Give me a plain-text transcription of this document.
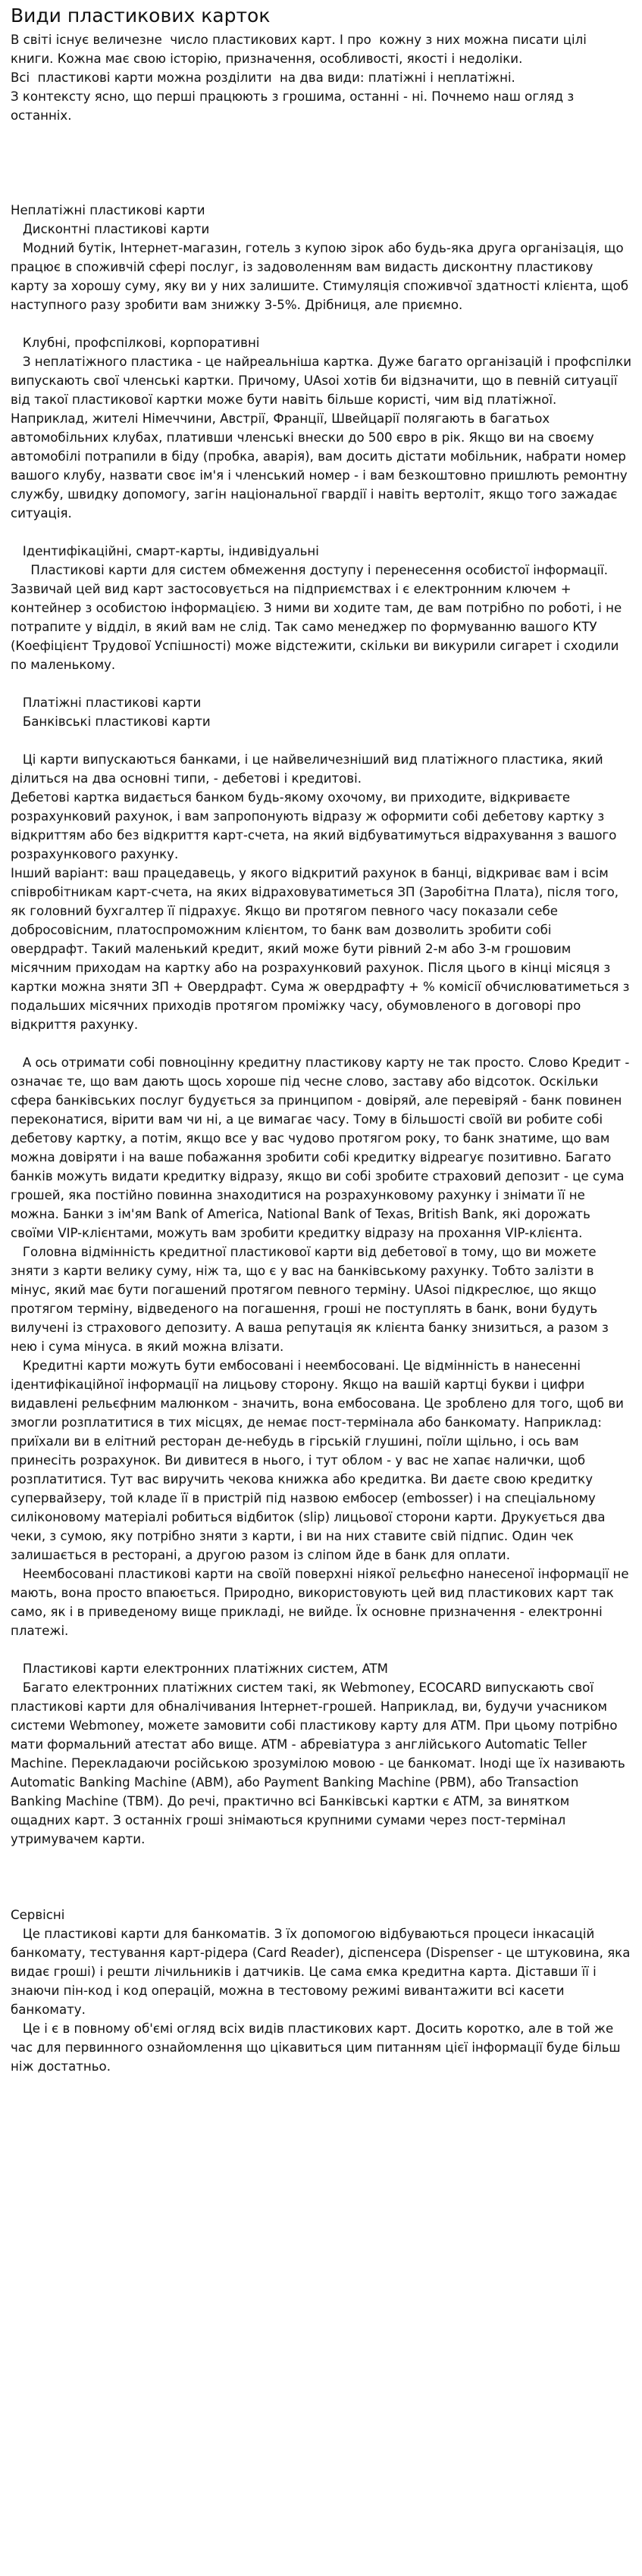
Види пластикових карток

В світі існує величезне  число пластикових карт. І про  кожну з них можна писати цілі книги. Кожна має свою історію, призначення, особливості, якості і недоліки.

Всі  пластикові карти можна розділити  на два види: платіжні і неплатіжні.

З контексту ясно, що перші працюють з грошима, останні - ні. Почнемо наш огляд з останніх.

Неплатіжні пластикові карти

Дисконтні пластикові карти

Модний бутік, Інтернет-магазин, готель з купою зірок або будь-яка друга організація, що працює в споживчій сфері послуг, із задоволенням вам видасть дисконтну пластикову карту за хорошу суму, яку ви у них залишите. Стимуляція споживчої здатності клієнта, щоб наступного разу зробити вам знижку 3-5%. Дрібниця, але приємно.

Клубні, профспілкові, корпоративні

З неплатіжного пластика - це найреальніша картка. Дуже багато організацій і профспілки випускають свої членські картки. Причому, UAsoi хотів би відзначити, що в певній ситуації від такої пластикової картки може бути навіть більше користі, чим від платіжної. Наприклад, жителі Німеччини, Австрії, Франції, Швейцарії полягають в багатьох автомобільних клубах, плативши членські внески до 500 євро в рік. Якщо ви на своєму автомобілі потрапили в біду (пробка, аварія), вам досить дістати мобільник, набрати номер вашого клубу, назвати своє ім'я і членський номер - і вам безкоштовно пришлють ремонтну службу, швидку допомогу, загін національної гвардії і навіть вертоліт, якщо того зажадає ситуація.

Ідентифікаційні, смарт-карты, індивідуальні

Пластикові карти для систем обмеження доступу і перенесення особистої інформації. Зазвичай цей вид карт застосовується на підприємствах і є електронним ключем + контейнер з особистою інформацією. З ними ви ходите там, де вам потрібно по роботі, і не потрапите у відділ, в який вам не слід. Так само менеджер по формуванню вашого КТУ (Коефіцієнт Трудової Успішності) може відстежити, скільки ви викурили сигарет і сходили по маленькому.

Платіжні пластикові карти

Банківські пластикові карти

Ці карти випускаються банками, і це найвеличезніший вид платіжного пластика, який ділиться на два основні типи, - дебетові і кредитові.

Дебетові картка видається банком будь-якому охочому, ви приходите, відкриваєте розрахунковий рахунок, і вам запропонують відразу ж оформити собі дебетову картку з відкриттям або без відкриття карт-счета, на який відбуватимуться відрахування з вашого розрахункового рахунку.

Інший варіант: ваш працедавець, у якого відкритий рахунок в банці, відкриває вам і всім співробітникам карт-счета, на яких відраховуватиметься ЗП (Заробітна Плата), після того, як головний бухгалтер її підрахує. Якщо ви протягом певного часу показали себе добросовісним, платоспроможним клієнтом, то банк вам дозволить зробити собі овердрафт. Такий маленький кредит, який може бути рівний 2-м або 3-м грошовим місячним приходам на картку або на розрахунковий рахунок. Після цього в кінці місяця з картки можна зняти ЗП + Овердрафт. Сума ж овердрафту + % комісії обчислюватиметься з подальших місячних приходів протягом проміжку часу, обумовленого в договорі про відкриття рахунку.

А ось отримати собі повноцінну кредитну пластикову карту не так просто. Слово Кредит - означає те, що вам дають щось хороше під чесне слово, заставу або відсоток. Оскільки сфера банківських послуг будується за принципом - довіряй, але перевіряй - банк повинен переконатися, вірити вам чи ні, а це вимагає часу. Тому в більшості своїй ви робите собі дебетову картку, а потім, якщо все у вас чудово протягом року, то банк знатиме, що вам можна довіряти і на ваше побажання зробити собі кредитку відреагує позитивно. Багато банків можуть видати кредитку відразу, якщо ви собі зробите страховий депозит - це сума грошей, яка постійно повинна знаходитися на розрахунковому рахунку і знімати її не можна. Банки з ім'ям Bank of America, National Bank of Texas, British Bank, які дорожать своїми VIP-клієнтами, можуть вам зробити кредитку відразу на прохання VIP-клієнта.

Головна відмінність кредитної пластикової карти від дебетової в тому, що ви можете зняти з карти велику суму, ніж та, що є у вас на банківському рахунку. Тобто залізти в мінус, який має бути погашений протягом певного терміну. UAsoi підкреслює, що якщо протягом терміну, відведеного на погашення, гроші не поступлять в банк, вони будуть вилучені із страхового депозиту. А ваша репутація як клієнта банку знизиться, а разом з нею і сума мінуса. в який можна влізати.

Кредитні карти можуть бути ембосовані і неембосовані. Це відмінність в нанесенні ідентифікаційної інформації на лицьову сторону. Якщо на вашій картці букви і цифри видавлені рельєфним малюнком - значить, вона ембосована. Це зроблено для того, щоб ви змогли розплатитися в тих місцях, де немає пост-термінала або банкомату. Наприклад: приїхали ви в елітний ресторан де-небудь в гірській глушині, поїли щільно, і ось вам принесіть розрахунок. Ви дивитеся в нього, і тут облом - у вас не хапає налички, щоб розплатитися. Тут вас виручить чекова книжка або кредитка. Ви даєте свою кредитку супервайзеру, той кладе її в пристрій під назвою ембосер (embosser) і на спеціальному силіконовому матеріалі робиться відбиток (slip) лицьової сторони карти. Друкується два чеки, з сумою, яку потрібно зняти з карти, і ви на них ставите свій підпис. Один чек залишається в ресторані, а другою разом із сліпом йде в банк для оплати.

Неембосовані пластикові карти на своїй поверхні ніякої рельєфно нанесеної інформації не мають, вона просто впаюється. Природно, використовують цей вид пластикових карт так само, як і в приведеному вище прикладі, не вийде. Їх основне призначення - електронні платежі.

Пластикові карти електронних платіжних систем, ATM

Багато електронних платіжних систем такі, як Webmoney, ECOCARD випускають свої пластикові карти для обналічивания Інтернет-грошей. Наприклад, ви, будучи учасником системи Webmoney, можете замовити собі пластикову карту для ATM. При цьому потрібно мати формальний атестат або вище. ATM - абревіатура з англійського Automatic Teller Machine. Перекладаючи російською зрозумілою мовою - це банкомат. Іноді ще їх називають Automatic Banking Machine (ABM), або Payment Banking Machine (PBM), або Transaction Banking Machine (TBM). До речі, практично всі Банківські картки є ATM, за винятком ощадних карт. З останніх гроші знімаються крупними сумами через пост-термінал утримувачем карти.

Сервісні

Це пластикові карти для банкоматів. З їх допомогою відбуваються процеси інкасацій банкомату, тестування карт-рідера (Card Reader), діспенсера (Dispenser - це штуковина, яка видає гроші) і решти лічильників і датчиків. Це сама ємка кредитна карта. Діставши її і знаючи пін-код і код операцій, можна в тестовому режимі вивантажити всі касети банкомату.

Це і є в повному об'ємі огляд всіх видів пластикових карт. Досить коротко, але в той же час для первинного ознайомлення що цікавиться цим питанням цієї інформації буде більш ніж достатньо.
